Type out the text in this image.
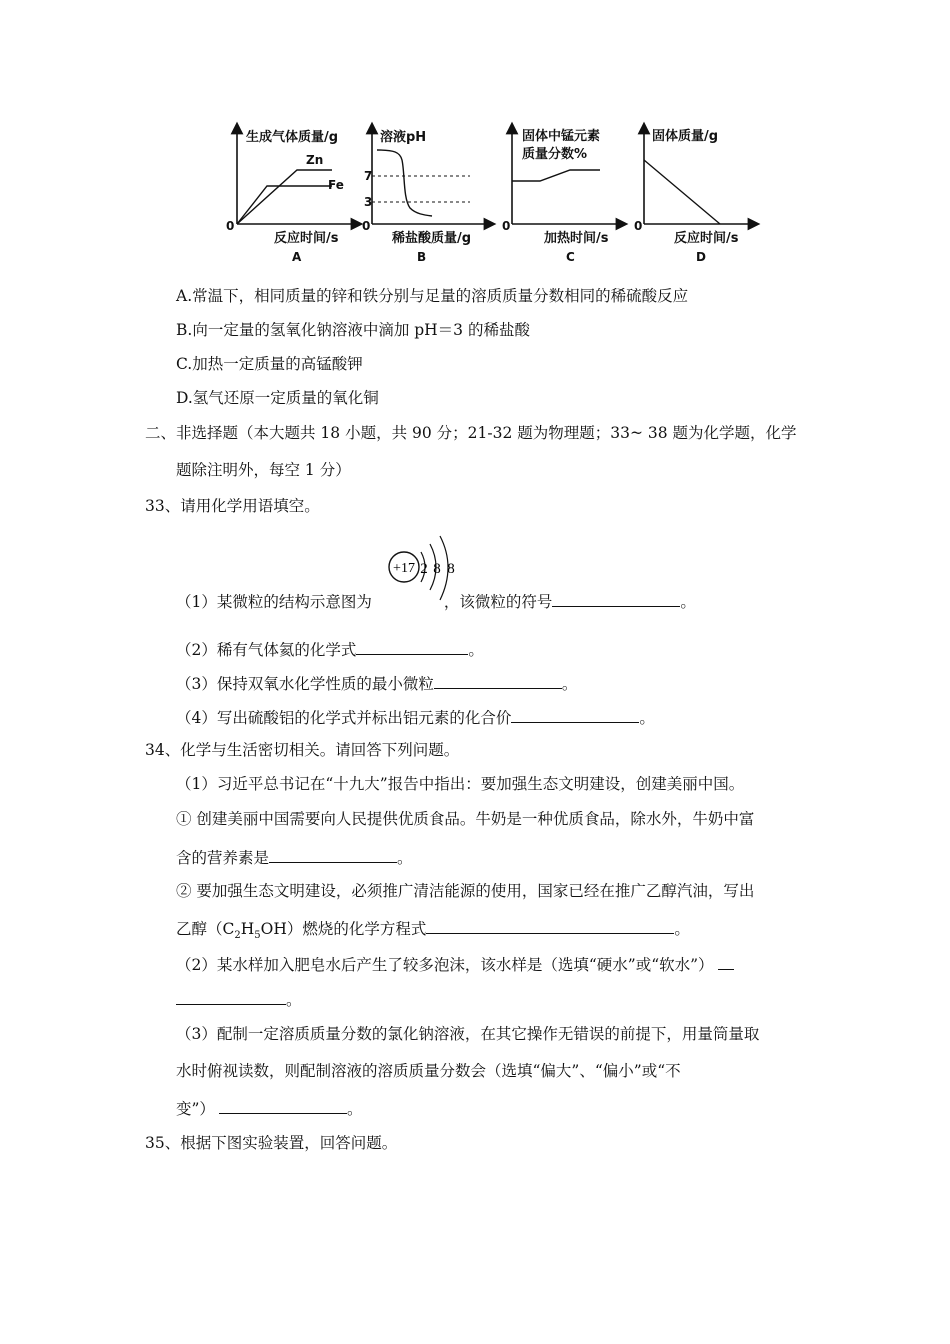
生成气体质量/g
0
反应时间/s
A
Zn
Fe
溶液pH
0
7
3
稀盐酸质量/g
B
固体中锰元素
质量分数%
0
加热时间/s
C
固体质量/g
0
反应时间/s
D
A.常温下，相同质量的锌和铁分别与足量的溶质质量分数相同的稀硫酸反应
B.向一定量的氢氧化钠溶液中滴加 pH＝3 的稀盐酸
C.加热一定质量的高锰酸钾
D.氢气还原一定质量的氧化铜
二、非选择题（本大题共 18 小题，共 90 分；21-32 题为物理题；33~ 38 题为化学题，化学
题除注明外，每空 1 分）
33、请用化学用语填空。
+17 2 8 8
（1）某微粒的结构示意图为	，该微粒的符号	。
（2）稀有气体氦的化学式	。
（3）保持双氧水化学性质的最小微粒	。
（4）写出硫酸铝的化学式并标出铝元素的化合价	。
34、化学与生活密切相关。请回答下列问题。
（1）习近平总书记在“十九大”报告中指出：要加强生态文明建设，创建美丽中国。
① 创建美丽中国需要向人民提供优质食品。牛奶是一种优质食品，除水外，牛奶中富
含的营养素是	。
② 要加强生态文明建设，必须推广清洁能源的使用，国家已经在推广乙醇汽油，写出
乙醇$(C_2H_5OH)$燃烧的化学方程式	。
（2）某水样加入肥皂水后产生了较多泡沫，该水样是（选填“硬水”或“软水”）
。
（3）配制一定溶质质量分数的氯化钠溶液，在其它操作无错误的前提下，用量筒量取
水时俯视读数，则配制溶液的溶质质量分数会（选填“偏大”、“偏小”或“不
变”）	。
35、根据下图实验装置，回答问题。
